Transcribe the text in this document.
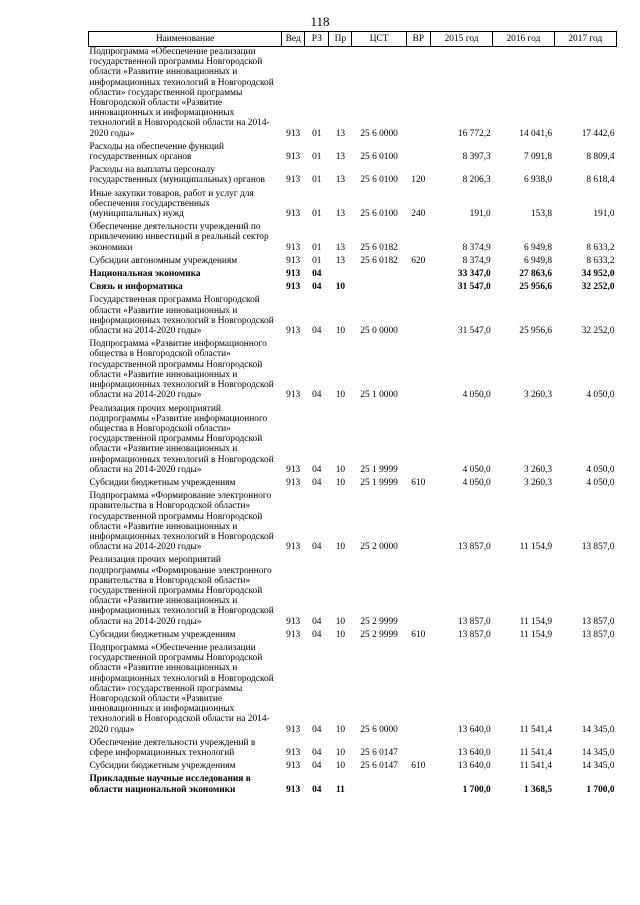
118
Наименование	Вед	РЗ	Пр	ЦСТ	ВР	2015 год	2016 год	2017 год
Подпрограмма «Обеспечение реализации государственной программы Новгородской области «Развитие инновационных и информационных технологий в Новгородской области» государственной программы Новгородской области «Развитие инновационных и информационных технологий в Новгородской области на 2014-2020 годы»	913	01	13	25 6 0000		16 772,2	14 041,6	17 442,6
Расходы на обеспечение функций государственных органов	913	01	13	25 6 0100		8 397,3	7 091,8	8 809,4
Расходы на выплаты персоналу государственных (муниципальных) органов	913	01	13	25 6 0100	120	8 206,3	6 938,0	8 618,4
Иные закупки товаров, работ и услуг для обеспечения государственных (муниципальных) нужд	913	01	13	25 6 0100	240	191,0	153,8	191,0
Обеспечение деятельности учреждений по привлечению инвестиций в реальный сектор экономики	913	01	13	25 6 0182		8 374,9	6 949,8	8 633,2
Субсидии автономным учреждениям	913	01	13	25 6 0182	620	8 374,9	6 949,8	8 633,2
Национальная экономика	913	04				33 347,0	27 863,6	34 952,0
Связь и информатика	913	04	10			31 547,0	25 956,6	32 252,0
Государственная программа Новгородской области «Развитие инновационных и информационных технологий в Новгородской области на 2014-2020 годы»	913	04	10	25 0 0000		31 547,0	25 956,6	32 252,0
Подпрограмма «Развитие информационного общества в Новгородской области» государственной программы Новгородской области «Развитие инновационных и информационных технологий в Новгородской области на 2014-2020 годы»	913	04	10	25 1 0000		4 050,0	3 260,3	4 050,0
Реализация прочих мероприятий подпрограммы «Развитие информационного общества в Новгородской области» государственной программы Новгородской области «Развитие инновационных и информационных технологий в Новгородской области на 2014-2020 годы»	913	04	10	25 1 9999		4 050,0	3 260,3	4 050,0
Субсидии бюджетным учреждениям	913	04	10	25 1 9999	610	4 050,0	3 260,3	4 050,0
Подпрограмма «Формирование электронного правительства в Новгородской области» государственной программы Новгородской области «Развитие инновационных и информационных технологий в Новгородской области на 2014-2020 годы»	913	04	10	25 2 0000		13 857,0	11 154,9	13 857,0
Реализация прочих мероприятий подпрограммы «Формирование электронного правительства в Новгородской области» государственной программы Новгородской области «Развитие инновационных и информационных технологий в Новгородской области на 2014-2020 годы»	913	04	10	25 2 9999		13 857,0	11 154,9	13 857,0
Субсидии бюджетным учреждениям	913	04	10	25 2 9999	610	13 857,0	11 154,9	13 857,0
Подпрограмма «Обеспечение реализации государственной программы Новгородской области «Развитие инновационных и информационных технологий в Новгородской области» государственной программы Новгородской области «Развитие инновационных и информационных технологий в Новгородской области на 2014-2020 годы»	913	04	10	25 6 0000		13 640,0	11 541,4	14 345,0
Обеспечение деятельности учреждений в сфере информационных технологий	913	04	10	25 6 0147		13 640,0	11 541,4	14 345,0
Субсидии бюджетным учреждениям	913	04	10	25 6 0147	610	13 640,0	11 541,4	14 345,0
Прикладные научные исследования в области национальной экономики	913	04	11			1 700,0	1 368,5	1 700,0
